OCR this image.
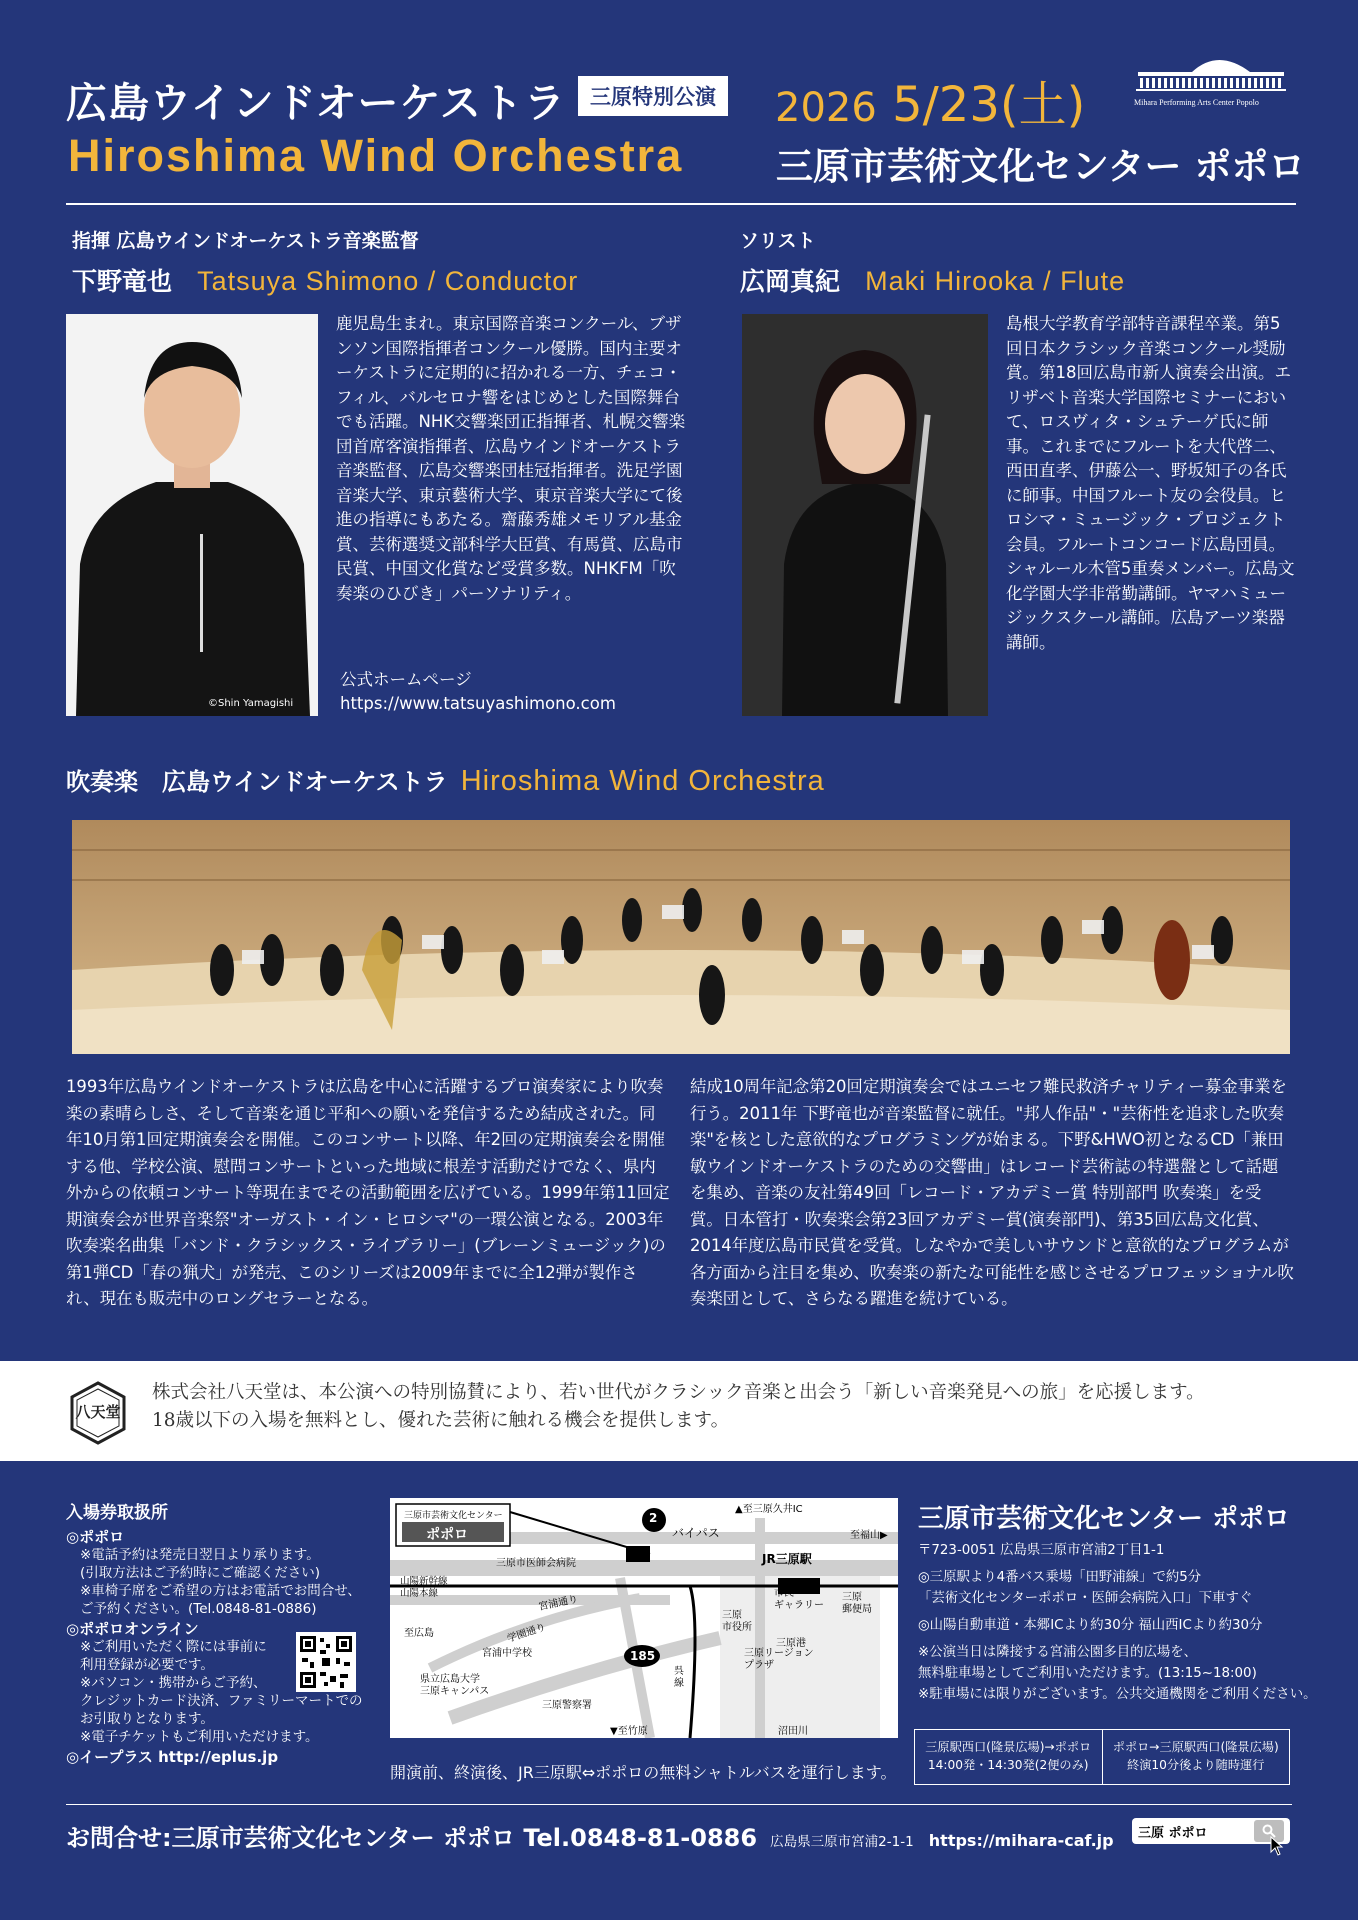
広島ウインドオーケストラ	三原特別公演	2026 5/23(土)
Hiroshima Wind Orchestra	三原市芸術文化センター ポポロ
Mihara Performing Arts Center Popolo
指揮 広島ウインドオーケストラ音楽監督
下野竜也 Tatsuya Shimono / Conductor
©Shin Yamagishi
鹿児島生まれ。東京国際音楽コンクール、ブザンソン国際指揮者コンクール優勝。国内主要オーケストラに定期的に招かれる一方、チェコ・フィル、バルセロナ響をはじめとした国際舞台でも活躍。NHK交響楽団正指揮者、札幌交響楽団首席客演指揮者、広島ウインドオーケストラ音楽監督、広島交響楽団桂冠指揮者。洗足学園音楽大学、東京藝術大学、東京音楽大学にて後進の指導にもあたる。齋藤秀雄メモリアル基金賞、芸術選奨文部科学大臣賞、有馬賞、広島市民賞、中国文化賞など受賞多数。NHKFM「吹奏楽のひびき」パーソナリティ。
公式ホームページ
https://www.tatsuyashimono.com
ソリスト
広岡真紀 Maki Hirooka / Flute
島根大学教育学部特音課程卒業。第5回日本クラシック音楽コンクール奨励賞。第18回広島市新人演奏会出演。エリザベト音楽大学国際セミナーにおいて、ロスヴィタ・シュテーゲ氏に師事。これまでにフルートを大代啓二、西田直孝、伊藤公一、野坂知子の各氏に師事。中国フルート友の会役員。ヒロシマ・ミュージック・プロジェクト会員。フルートコンコード広島団員。シャルール木管5重奏メンバー。広島文化学園大学非常勤講師。ヤマハミュージックスクール講師。広島アーツ楽器講師。
吹奏楽　広島ウインドオーケストラ Hiroshima Wind Orchestra
1993年広島ウインドオーケストラは広島を中心に活躍するプロ演奏家により吹奏楽の素晴らしさ、そして音楽を通じ平和への願いを発信するため結成された。同年10月第1回定期演奏会を開催。このコンサート以降、年2回の定期演奏会を開催する他、学校公演、慰問コンサートといった地域に根差す活動だけでなく、県内外からの依頼コンサート等現在までその活動範囲を広げている。1999年第11回定期演奏会が世界音楽祭"オーガスト・イン・ヒロシマ"の一環公演となる。2003年吹奏楽名曲集「バンド・クラシックス・ライブラリー」(ブレーンミュージック)の第1弾CD「春の猟犬」が発売、このシリーズは2009年までに全12弾が製作され、現在も販売中のロングセラーとなる。
結成10周年記念第20回定期演奏会ではユニセフ難民救済チャリティー募金事業を行う。2011年 下野竜也が音楽監督に就任。"邦人作品"・"芸術性を追求した吹奏楽"を核とした意欲的なプログラミングが始まる。下野&HWO初となるCD「兼田敏ウインドオーケストラのための交響曲」はレコード芸術誌の特選盤として話題を集め、音楽の友社第49回「レコード・アカデミー賞 特別部門 吹奏楽」を受賞。日本管打・吹奏楽会第23回アカデミー賞(演奏部門)、第35回広島文化賞、2014年度広島市民賞を受賞。しなやかで美しいサウンドと意欲的なプログラムが各方面から注目を集め、吹奏楽の新たな可能性を感じさせるプロフェッショナル吹奏楽団として、さらなる躍進を続けている。
八天堂
株式会社八天堂は、本公演への特別協賛により、若い世代がクラシック音楽と出会う「新しい音楽発見への旅」を応援します。
18歳以下の入場を無料とし、優れた芸術に触れる機会を提供します。
入場券取扱所
◎ポポロ
※電話予約は発売日翌日より承ります。
(引取方法はご予約時にご確認ください)
※車椅子席をご希望の方はお電話でお問合せ、
ご予約ください。(Tel.0848-81-0886)
◎ポポロオンライン
※ご利用いただく際には事前に
利用登録が必要です。
※パソコン・携帯からご予約、
クレジットカード決済、ファミリーマートでの
お引取りとなります。
※電子チケットもご利用いただけます。
◎イープラス http://eplus.jp
三原市芸術文化センター
ポポロ
2
185
バイパス
▲至三原久井IC
至福山▶
JR三原駅
三原市医師会病院
山陽新幹線
山陽本線
至広島
宮浦通り
学園通り
宮浦中学校
県立広島大学
三原キャンパス
三原警察署
市民
ギャラリー
三原
市役所
三原
郵便局
三原港
三原リージョン
プラザ
呉
線
▼至竹原	沼田川
開演前、終演後、JR三原駅⇔ポポロの無料シャトルバスを運行します。
三原市芸術文化センター ポポロ
〒723-0051 広島県三原市宮浦2丁目1-1
◎三原駅より4番バス乗場「田野浦線」で約5分
「芸術文化センターポポロ・医師会病院入口」下車すぐ
◎山陽自動車道・本郷ICより約30分 福山西ICより約30分
※公演当日は隣接する宮浦公園多目的広場を、
無料駐車場としてご利用いただけます。(13:15~18:00)
※駐車場には限りがございます。公共交通機関をご利用ください。
三原駅西口(隆景広場)→ポポロ
14:00発・14:30発(2便のみ)
ポポロ→三原駅西口(隆景広場)
終演10分後より随時運行
お問合せ:三原市芸術文化センター ポポロ Tel.0848-81-0886 広島県三原市宮浦2-1-1 https://mihara-caf.jp
三原 ポポロ
